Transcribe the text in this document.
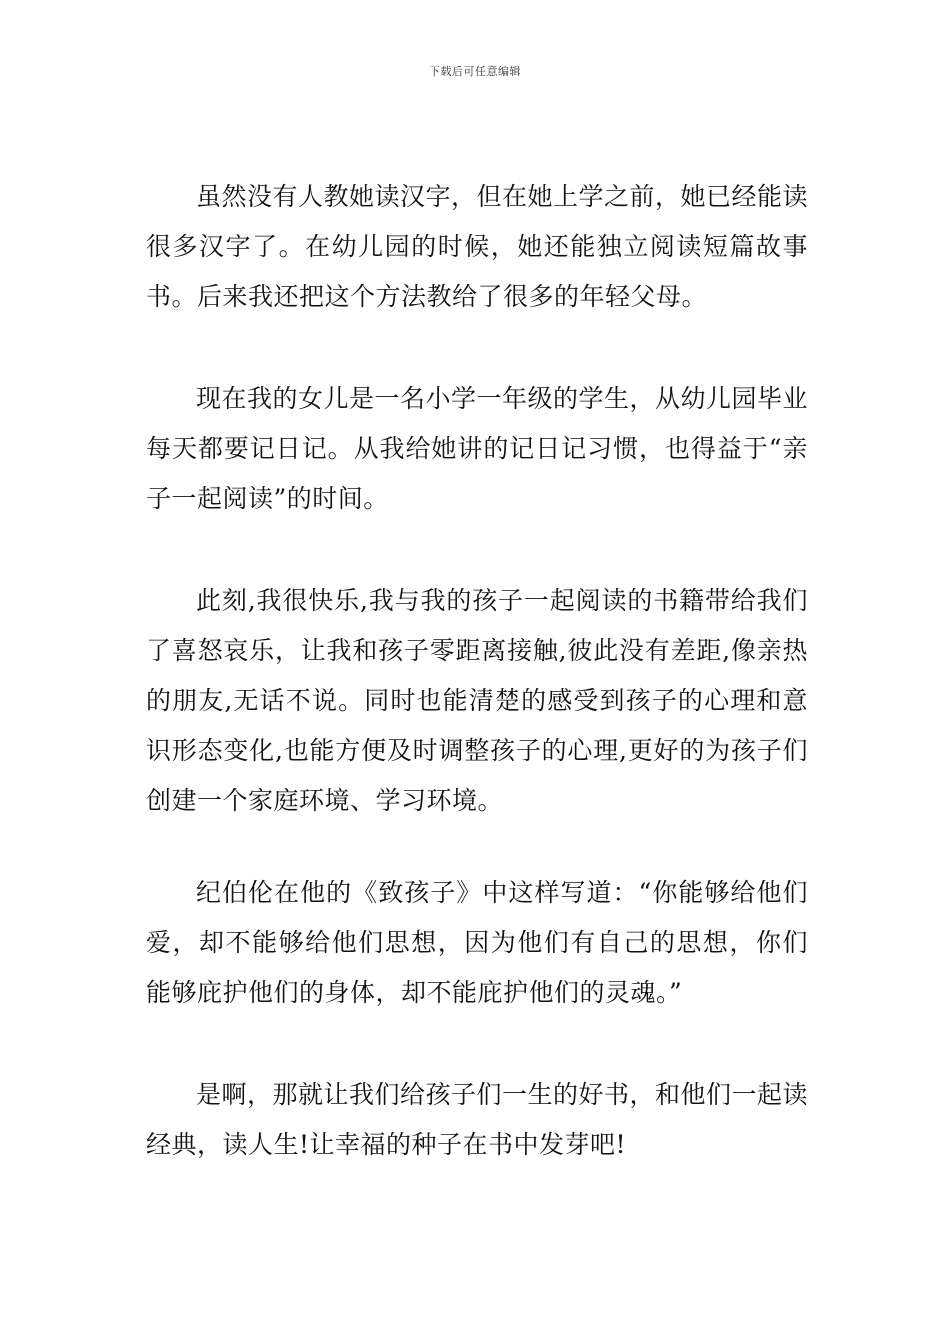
下载后可任意编辑
虽然没有人教她读汉字，但在她上学之前，她已经能读很多汉字了。在幼儿园的时候，她还能独立阅读短篇故事书。后来我还把这个方法教给了很多的年轻父母。
现在我的女儿是一名小学一年级的学生，从幼儿园毕业每天都要记日记。从我给她讲的记日记习惯，也得益于“亲子一起阅读”的时间。
此刻,我很快乐,我与我的孩子一起阅读的书籍带给我们了喜怒哀乐，让我和孩子零距离接触,彼此没有差距,像亲热的朋友,无话不说。同时也能清楚的感受到孩子的心理和意识形态变化,也能方便及时调整孩子的心理,更好的为孩子们创建一个家庭环境、学习环境。
纪伯伦在他的《致孩子》中这样写道：“你能够给他们爱，却不能够给他们思想，因为他们有自己的思想，你们能够庇护他们的身体，却不能庇护他们的灵魂。”
是啊，那就让我们给孩子们一生的好书，和他们一起读经典，读人生!让幸福的种子在书中发芽吧!
